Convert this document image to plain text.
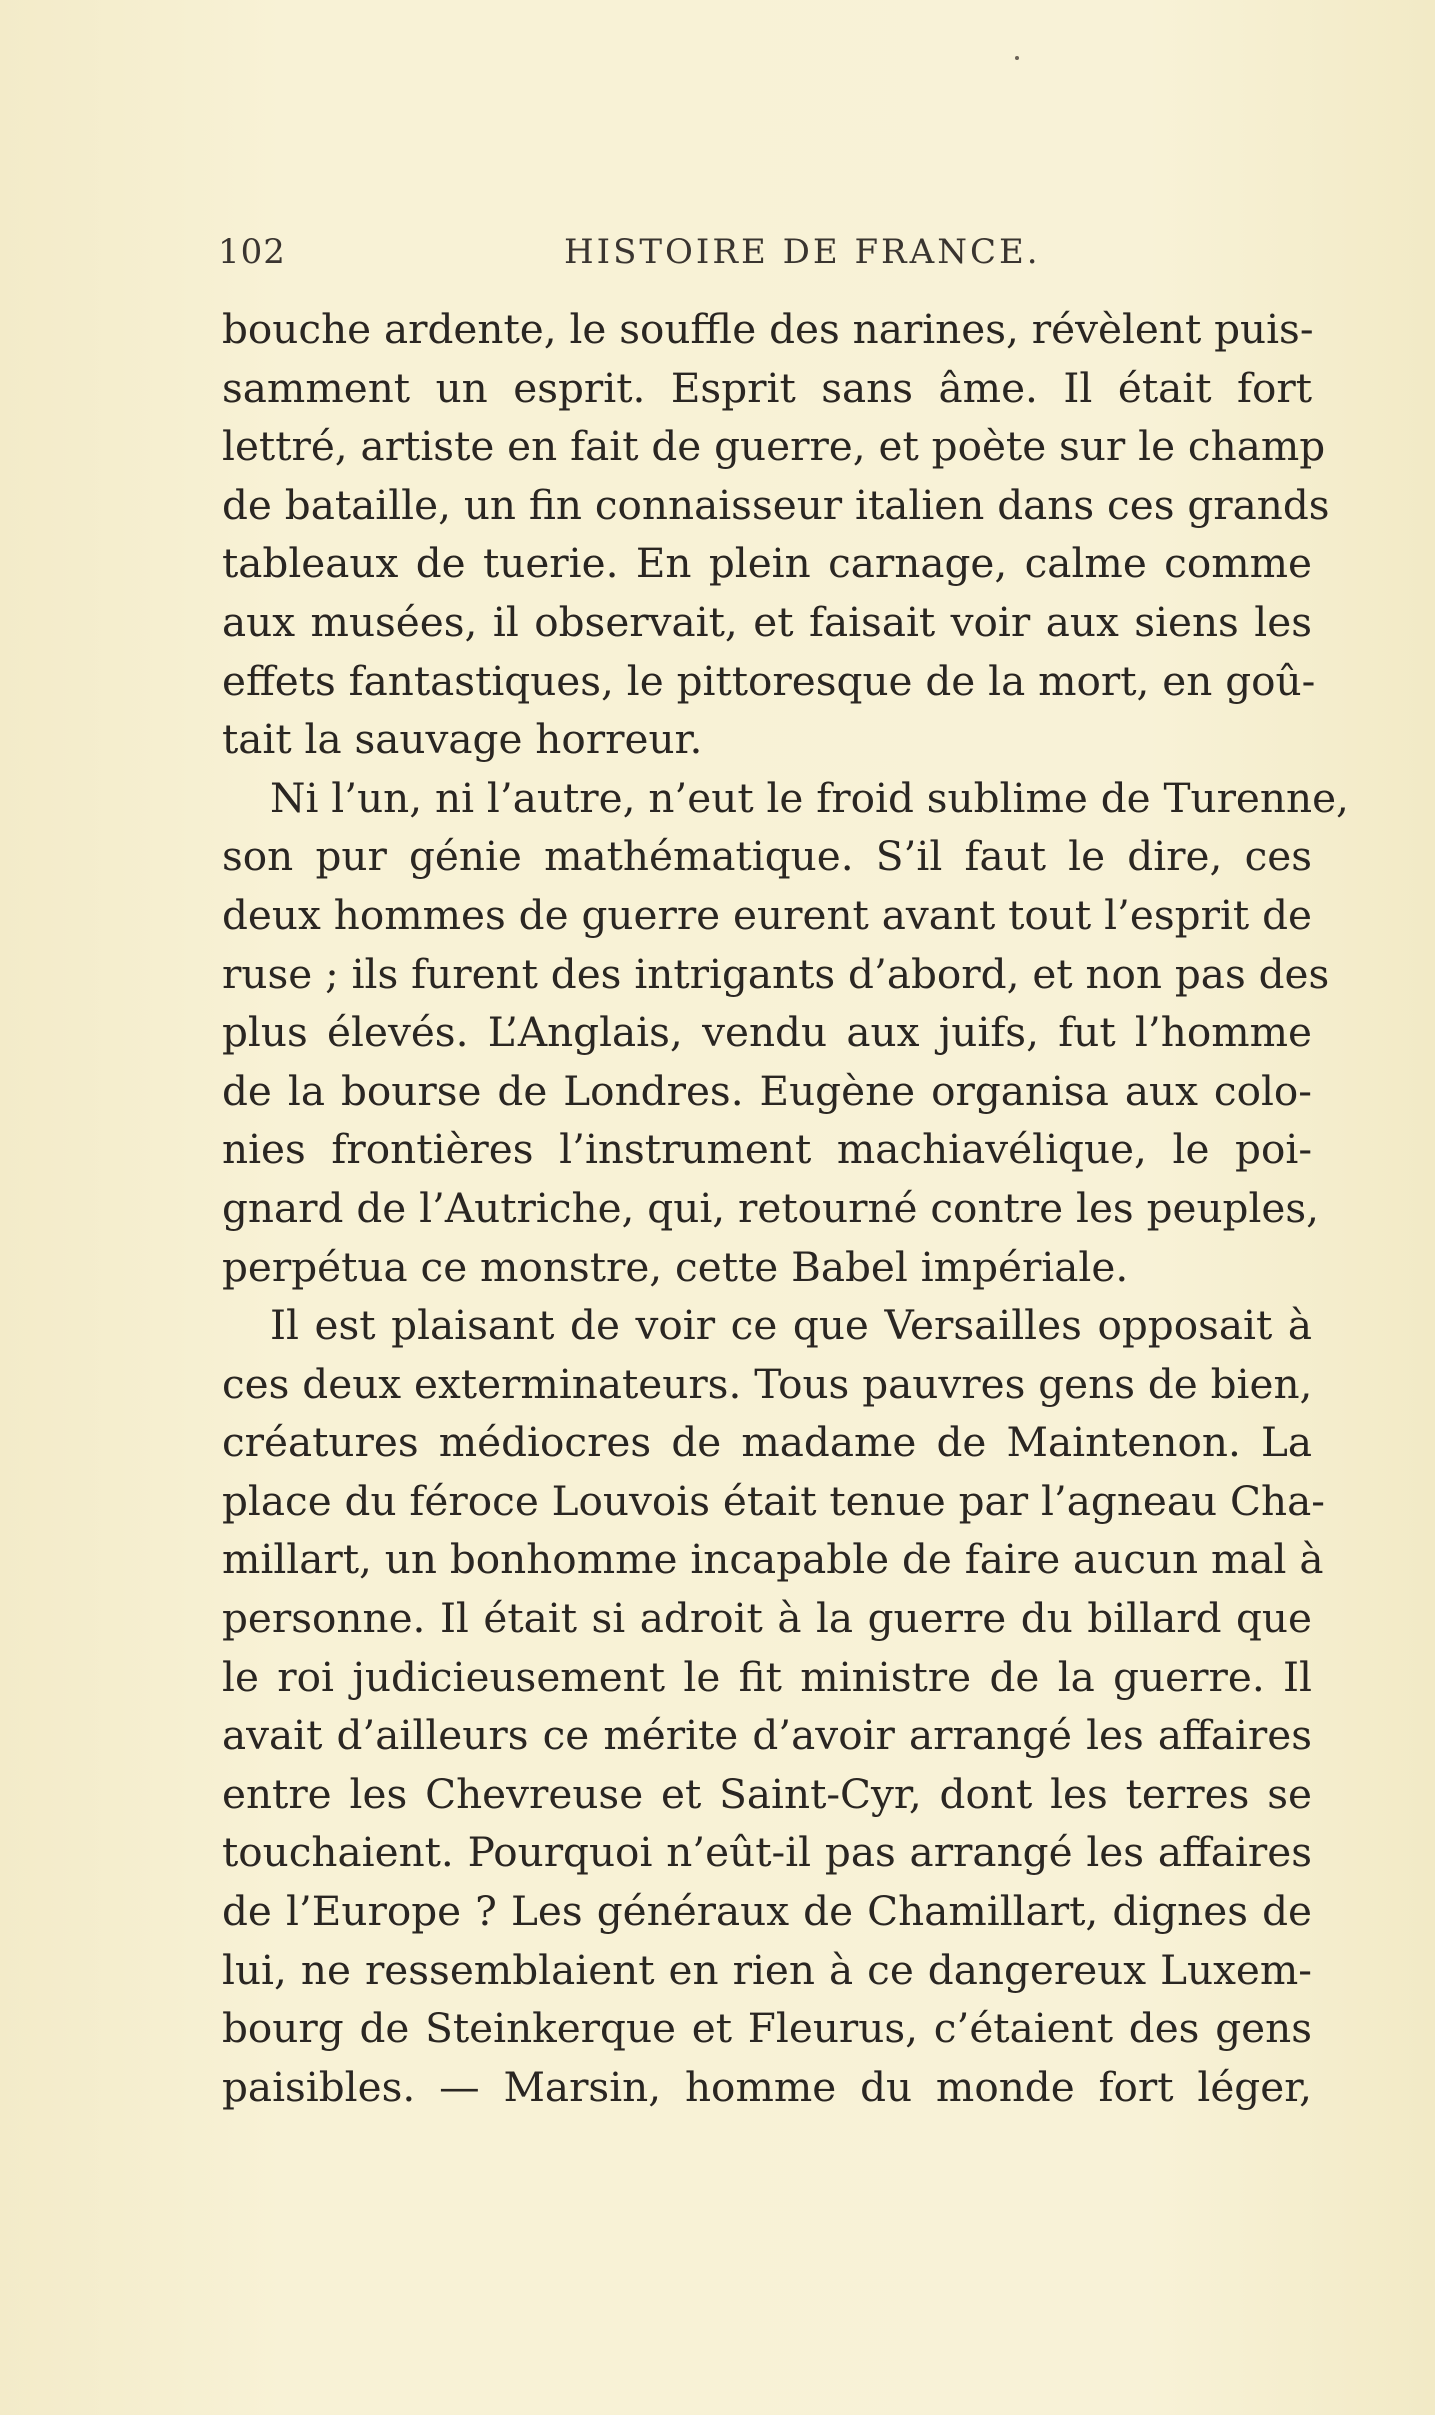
102	HISTOIRE DE FRANCE.
bouche ardente, le souffle des narines, révèlent puis-
samment un esprit. Esprit sans âme. Il était fort
lettré, artiste en fait de guerre, et poète sur le champ
de bataille, un fin connaisseur italien dans ces grands
tableaux de tuerie. En plein carnage, calme comme
aux musées, il observait, et faisait voir aux siens les
effets fantastiques, le pittoresque de la mort, en goû-
tait la sauvage horreur.
Ni l’un, ni l’autre, n’eut le froid sublime de Turenne,
son pur génie mathématique. S’il faut le dire, ces
deux hommes de guerre eurent avant tout l’esprit de
ruse ; ils furent des intrigants d’abord, et non pas des
plus élevés. L’Anglais, vendu aux juifs, fut l’homme
de la bourse de Londres. Eugène organisa aux colo-
nies frontières l’instrument machiavélique, le poi-
gnard de l’Autriche, qui, retourné contre les peuples,
perpétua ce monstre, cette Babel impériale.
Il est plaisant de voir ce que Versailles opposait à
ces deux exterminateurs. Tous pauvres gens de bien,
créatures médiocres de madame de Maintenon. La
place du féroce Louvois était tenue par l’agneau Cha-
millart, un bonhomme incapable de faire aucun mal à
personne. Il était si adroit à la guerre du billard que
le roi judicieusement le fit ministre de la guerre. Il
avait d’ailleurs ce mérite d’avoir arrangé les affaires
entre les Chevreuse et Saint-Cyr, dont les terres se
touchaient. Pourquoi n’eût-il pas arrangé les affaires
de l’Europe ? Les généraux de Chamillart, dignes de
lui, ne ressemblaient en rien à ce dangereux Luxem-
bourg de Steinkerque et Fleurus, c’étaient des gens
paisibles. — Marsin, homme du monde fort léger,
